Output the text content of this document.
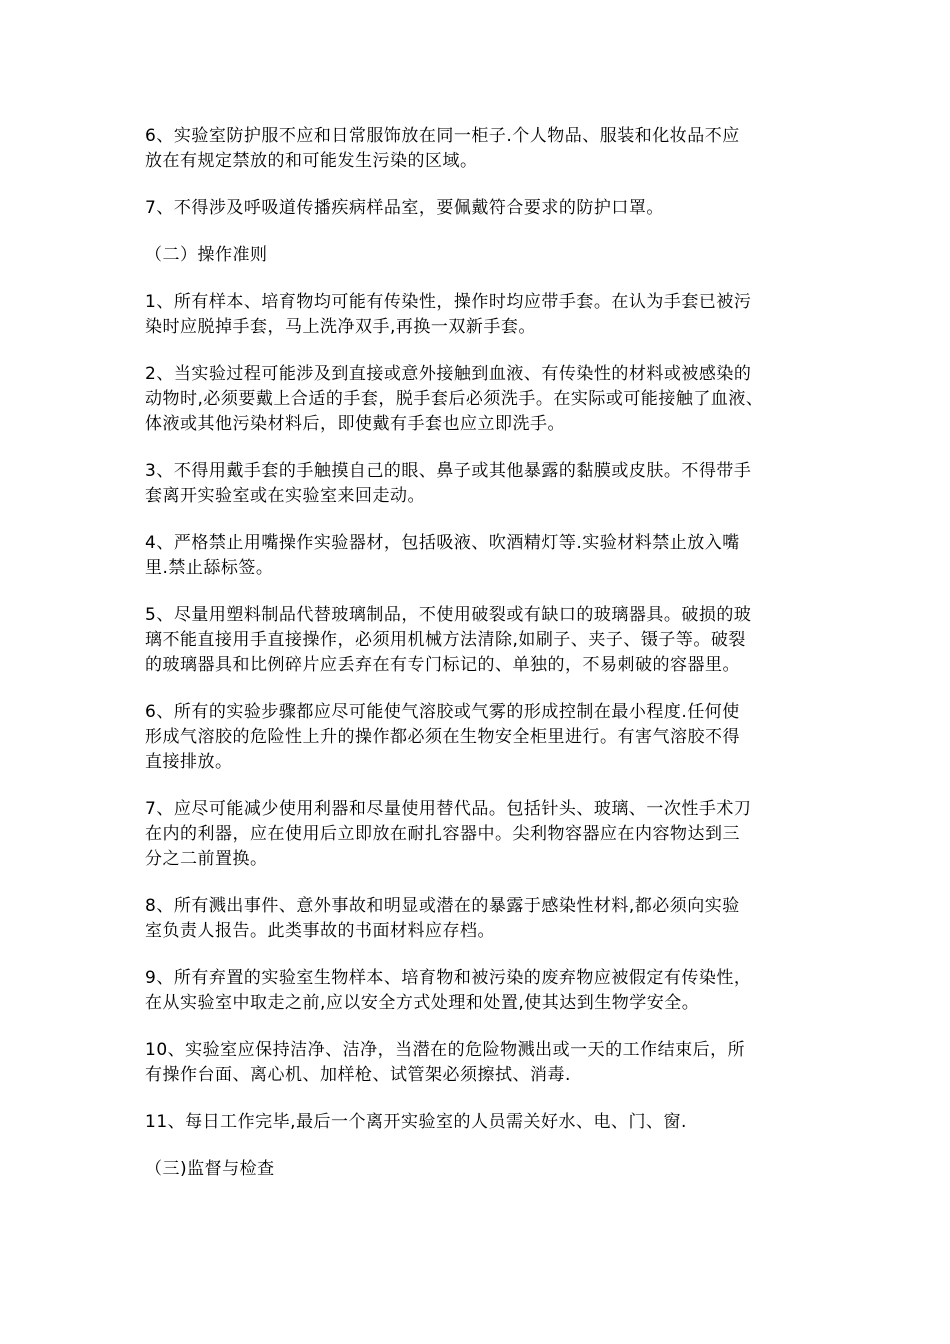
6、实验室防护服不应和日常服饰放在同一柜子.个人物品、服装和化妆品不应
放在有规定禁放的和可能发生污染的区域。
7、不得涉及呼吸道传播疾病样品室，要佩戴符合要求的防护口罩。
（二）操作准则
1、所有样本、培育物均可能有传染性，操作时均应带手套。在认为手套已被污
染时应脱掉手套，马上洗净双手,再换一双新手套。
2、当实验过程可能涉及到直接或意外接触到血液、有传染性的材料或被感染的
动物时,必须要戴上合适的手套，脱手套后必须洗手。在实际或可能接触了血液、
体液或其他污染材料后，即使戴有手套也应立即洗手。
3、不得用戴手套的手触摸自己的眼、鼻子或其他暴露的黏膜或皮肤。不得带手
套离开实验室或在实验室来回走动。
4、严格禁止用嘴操作实验器材，包括吸液、吹酒精灯等.实验材料禁止放入嘴
里.禁止舔标签。
5、尽量用塑料制品代替玻璃制品，不使用破裂或有缺口的玻璃器具。破损的玻
璃不能直接用手直接操作，必须用机械方法清除,如刷子、夹子、镊子等。破裂
的玻璃器具和比例碎片应丢弃在有专门标记的、单独的，不易刺破的容器里。
6、所有的实验步骤都应尽可能使气溶胶或气雾的形成控制在最小程度.任何使
形成气溶胶的危险性上升的操作都必须在生物安全柜里进行。有害气溶胶不得
直接排放。
7、应尽可能减少使用利器和尽量使用替代品。包括针头、玻璃、一次性手术刀
在内的利器，应在使用后立即放在耐扎容器中。尖利物容器应在内容物达到三
分之二前置换。
8、所有溅出事件、意外事故和明显或潜在的暴露于感染性材料,都必须向实验
室负责人报告。此类事故的书面材料应存档。
9、所有弃置的实验室生物样本、培育物和被污染的废弃物应被假定有传染性，
在从实验室中取走之前,应以安全方式处理和处置,使其达到生物学安全。
10、实验室应保持洁净、洁净，当潜在的危险物溅出或一天的工作结束后，所
有操作台面、离心机、加样枪、试管架必须擦拭、消毒.
11、每日工作完毕,最后一个离开实验室的人员需关好水、电、门、窗.
（三)监督与检查
